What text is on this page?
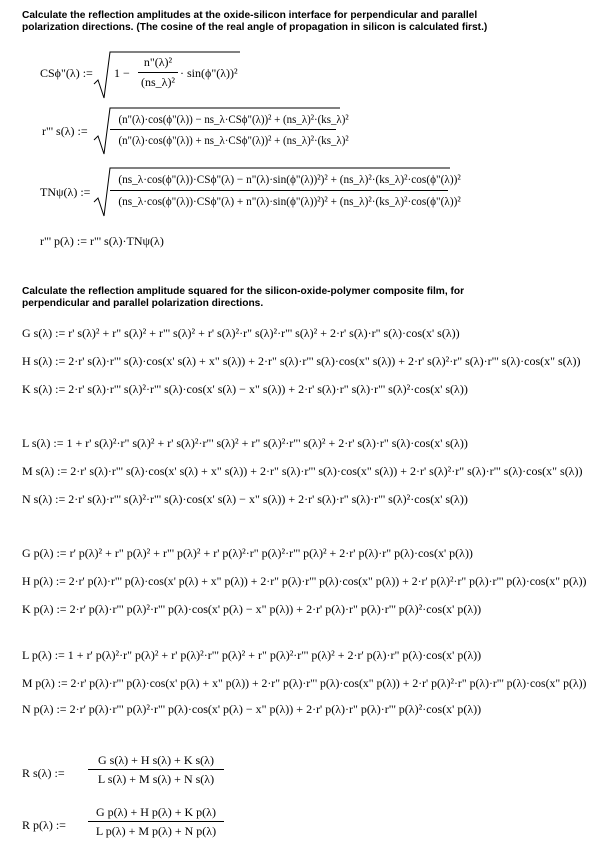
Calculate the reflection amplitudes at the oxide-silicon interface for perpendicular and parallel
polarization directions. (The cosine of the real angle of propagation in silicon is calculated first.)
CSϕ"(λ) := 1 −
n"(λ)²
(ns_λ)²
· sin(ϕ"(λ))²
r"' s(λ) :=
(n"(λ)·cos(ϕ"(λ)) − ns_λ·CSϕ"(λ))² + (ns_λ)²·(ks_λ)²
(n"(λ)·cos(ϕ"(λ)) + ns_λ·CSϕ"(λ))² + (ns_λ)²·(ks_λ)²
TNψ(λ) :=
(ns_λ·cos(ϕ"(λ))·CSϕ"(λ) − n"(λ)·sin(ϕ"(λ))²)² + (ns_λ)²·(ks_λ)²·cos(ϕ"(λ))²
(ns_λ·cos(ϕ"(λ))·CSϕ"(λ) + n"(λ)·sin(ϕ"(λ))²)² + (ns_λ)²·(ks_λ)²·cos(ϕ"(λ))²
r"' p(λ) := r"' s(λ)·TNψ(λ)
Calculate the reflection amplitude squared for the silicon-oxide-polymer composite film, for
perpendicular and parallel polarization directions.
G s(λ) := r' s(λ)² + r" s(λ)² + r"' s(λ)² + r' s(λ)²·r" s(λ)²·r"' s(λ)² + 2·r' s(λ)·r" s(λ)·cos(x' s(λ))
H s(λ) := 2·r' s(λ)·r"' s(λ)·cos(x' s(λ) + x" s(λ)) + 2·r" s(λ)·r"' s(λ)·cos(x" s(λ)) + 2·r' s(λ)²·r" s(λ)·r"' s(λ)·cos(x" s(λ))
K s(λ) := 2·r' s(λ)·r"' s(λ)²·r"' s(λ)·cos(x' s(λ) − x" s(λ)) + 2·r' s(λ)·r" s(λ)·r"' s(λ)²·cos(x' s(λ))
L s(λ) := 1 + r' s(λ)²·r" s(λ)² + r' s(λ)²·r"' s(λ)² + r" s(λ)²·r"' s(λ)² + 2·r' s(λ)·r" s(λ)·cos(x' s(λ))
M s(λ) := 2·r' s(λ)·r"' s(λ)·cos(x' s(λ) + x" s(λ)) + 2·r" s(λ)·r"' s(λ)·cos(x" s(λ)) + 2·r' s(λ)²·r" s(λ)·r"' s(λ)·cos(x" s(λ))
N s(λ) := 2·r' s(λ)·r"' s(λ)²·r"' s(λ)·cos(x' s(λ) − x" s(λ)) + 2·r' s(λ)·r" s(λ)·r"' s(λ)²·cos(x' s(λ))
G p(λ) := r' p(λ)² + r" p(λ)² + r"' p(λ)² + r' p(λ)²·r" p(λ)²·r"' p(λ)² + 2·r' p(λ)·r" p(λ)·cos(x' p(λ))
H p(λ) := 2·r' p(λ)·r"' p(λ)·cos(x' p(λ) + x" p(λ)) + 2·r" p(λ)·r"' p(λ)·cos(x" p(λ)) + 2·r' p(λ)²·r" p(λ)·r"' p(λ)·cos(x" p(λ))
K p(λ) := 2·r' p(λ)·r"' p(λ)²·r"' p(λ)·cos(x' p(λ) − x" p(λ)) + 2·r' p(λ)·r" p(λ)·r"' p(λ)²·cos(x' p(λ))
L p(λ) := 1 + r' p(λ)²·r" p(λ)² + r' p(λ)²·r"' p(λ)² + r" p(λ)²·r"' p(λ)² + 2·r' p(λ)·r" p(λ)·cos(x' p(λ))
M p(λ) := 2·r' p(λ)·r"' p(λ)·cos(x' p(λ) + x" p(λ)) + 2·r" p(λ)·r"' p(λ)·cos(x" p(λ)) + 2·r' p(λ)²·r" p(λ)·r"' p(λ)·cos(x" p(λ))
N p(λ) := 2·r' p(λ)·r"' p(λ)²·r"' p(λ)·cos(x' p(λ) − x" p(λ)) + 2·r' p(λ)·r" p(λ)·r"' p(λ)²·cos(x' p(λ))
R s(λ) :=
G s(λ) + H s(λ) + K s(λ)
L s(λ) + M s(λ) + N s(λ)
R p(λ) :=
G p(λ) + H p(λ) + K p(λ)
L p(λ) + M p(λ) + N p(λ)
